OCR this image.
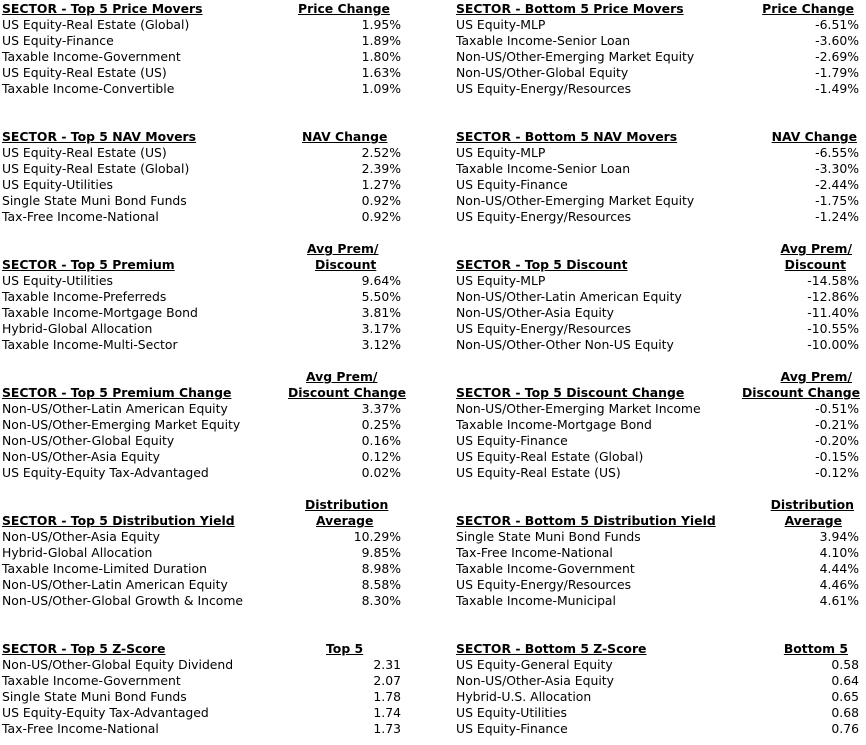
SECTOR - Top 5 Price Movers	Price Change
US Equity-Real Estate (Global)	1.95%
US Equity-Finance	1.89%
Taxable Income-Government	1.80%
US Equity-Real Estate (US)	1.63%
Taxable Income-Convertible	1.09%
SECTOR - Bottom 5 Price Movers	Price Change
US Equity-MLP	-6.51%
Taxable Income-Senior Loan	-3.60%
Non-US/Other-Emerging Market Equity	-2.69%
Non-US/Other-Global Equity	-1.79%
US Equity-Energy/Resources	-1.49%
SECTOR - Top 5 NAV Movers	NAV Change
US Equity-Real Estate (US)	2.52%
US Equity-Real Estate (Global)	2.39%
US Equity-Utilities	1.27%
Single State Muni Bond Funds	0.92%
Tax-Free Income-National	0.92%
SECTOR - Bottom 5 NAV Movers	NAV Change
US Equity-MLP	-6.55%
Taxable Income-Senior Loan	-3.30%
US Equity-Finance	-2.44%
Non-US/Other-Emerging Market Equity	-1.75%
US Equity-Energy/Resources	-1.24%
SECTOR - Top 5 Premium
Avg Prem/
Discount
US Equity-Utilities	9.64%
Taxable Income-Preferreds	5.50%
Taxable Income-Mortgage Bond	3.81%
Hybrid-Global Allocation	3.17%
Taxable Income-Multi-Sector	3.12%
SECTOR - Top 5 Discount
Avg Prem/
Discount
US Equity-MLP	-14.58%
Non-US/Other-Latin American Equity	-12.86%
Non-US/Other-Asia Equity	-11.40%
US Equity-Energy/Resources	-10.55%
Non-US/Other-Other Non-US Equity	-10.00%
SECTOR - Top 5 Premium Change
Avg Prem/
Discount Change
Non-US/Other-Latin American Equity	3.37%
Non-US/Other-Emerging Market Equity	0.25%
Non-US/Other-Global Equity	0.16%
Non-US/Other-Asia Equity	0.12%
US Equity-Equity Tax-Advantaged	0.02%
SECTOR - Top 5 Discount Change
Avg Prem/
Discount Change
Non-US/Other-Emerging Market Income	-0.51%
Taxable Income-Mortgage Bond	-0.21%
US Equity-Finance	-0.20%
US Equity-Real Estate (Global)	-0.15%
US Equity-Real Estate (US)	-0.12%
SECTOR - Top 5 Distribution Yield
Distribution
Average
Non-US/Other-Asia Equity	10.29%
Hybrid-Global Allocation	9.85%
Taxable Income-Limited Duration	8.98%
Non-US/Other-Latin American Equity	8.58%
Non-US/Other-Global Growth & Income	8.30%
SECTOR - Bottom 5 Distribution Yield
Distribution
Average
Single State Muni Bond Funds	3.94%
Tax-Free Income-National	4.10%
Taxable Income-Government	4.44%
US Equity-Energy/Resources	4.46%
Taxable Income-Municipal	4.61%
SECTOR - Top 5 Z-Score	Top 5
Non-US/Other-Global Equity Dividend	2.31
Taxable Income-Government	2.07
Single State Muni Bond Funds	1.78
US Equity-Equity Tax-Advantaged	1.74
Tax-Free Income-National	1.73
SECTOR - Bottom 5 Z-Score	Bottom 5
US Equity-General Equity	0.58
Non-US/Other-Asia Equity	0.64
Hybrid-U.S. Allocation	0.65
US Equity-Utilities	0.68
US Equity-Finance	0.76
